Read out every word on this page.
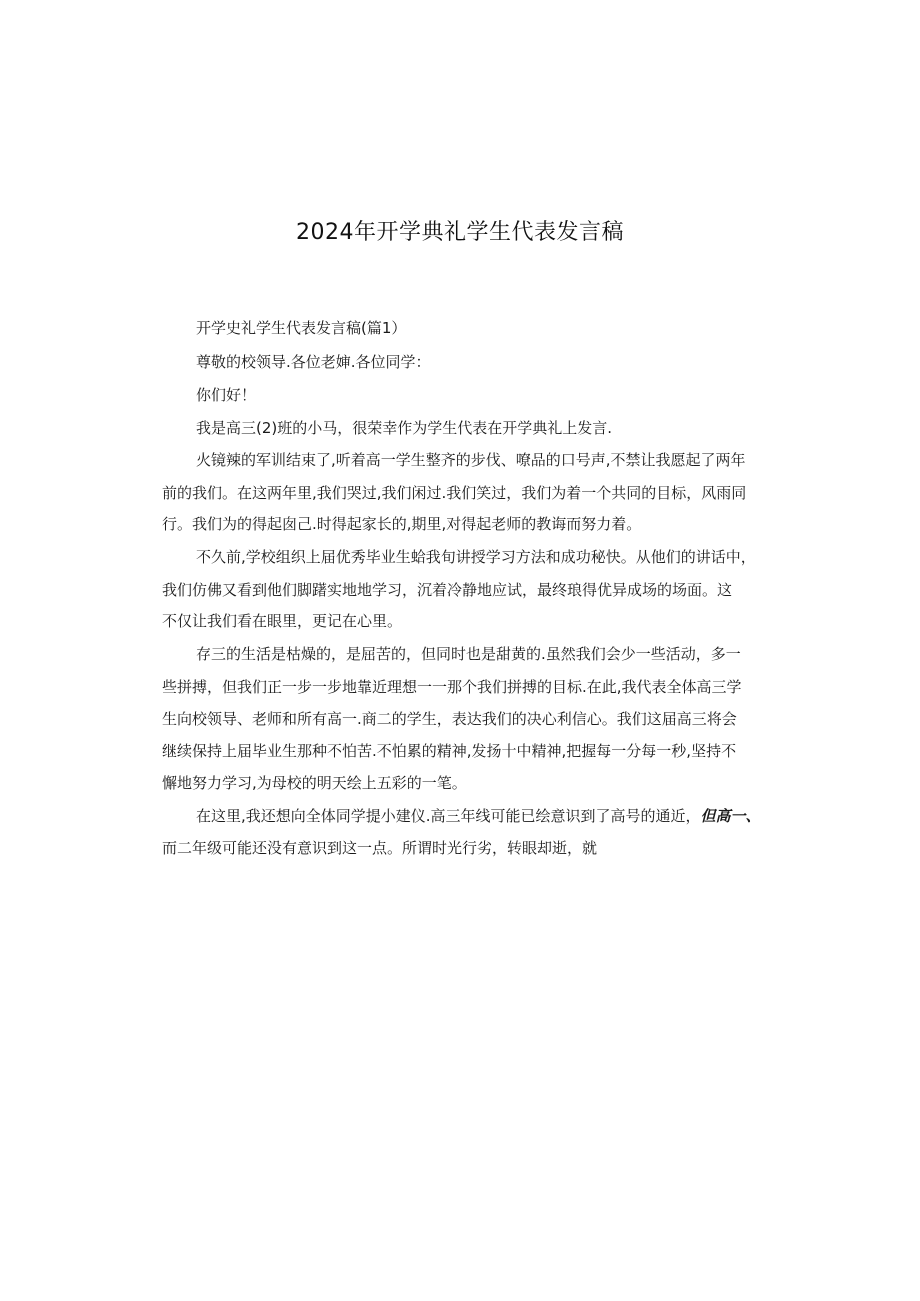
2024年开学典礼学生代表发言稿
开学史礼学生代表发言稿(篇1）
尊敬的校领导.各位老婶.各位同学：
你们好！
我是高三(2)班的小马，很荣幸作为学生代表在开学典礼上发言.
火镜辣的军训结束了,听着高一学生整齐的步伐、嘹品的口号声,不禁让我愿起了两年
前的我们。在这两年里,我们哭过,我们闲过.我们笑过，我们为着一个共同的目标，风雨同
行。我们为的得起囱己.时得起家长的,期里,对得起老师的教诲而努力着。
不久前,学校组织上届优秀毕业生蛤我旬讲授学习方法和成功秘快。从他们的讲话中，
我们仿佛又看到他们脚躇实地地学习，沉着冷静地应试，最终琅得优异成场的场面。这
不仅让我们看在眼里，更记在心里。
存三的生活是枯燥的，是屈苦的，但同时也是甜黄的.虽然我们会少一些活动，多一
些拼搏，但我们正一步一步地靠近理想一一那个我们拼搏的目标.在此,我代表全体高三学
生向校领导、老师和所有高一.商二的学生，表达我们的决心利信心。我们这届高三将会
继续保持上届毕业生那种不怕苦.不怕累的精神,发扬十中精神,把握每一分每一秒,坚持不
懈地努力学习,为母校的明天绘上五彩的一笔。
在这里,我还想向全体同学提小建仪.高三年线可能已绘意识到了高号的通近，但高一、
而二年级可能还没有意识到这一点。所谓时光行劣，转眼却逝，就
